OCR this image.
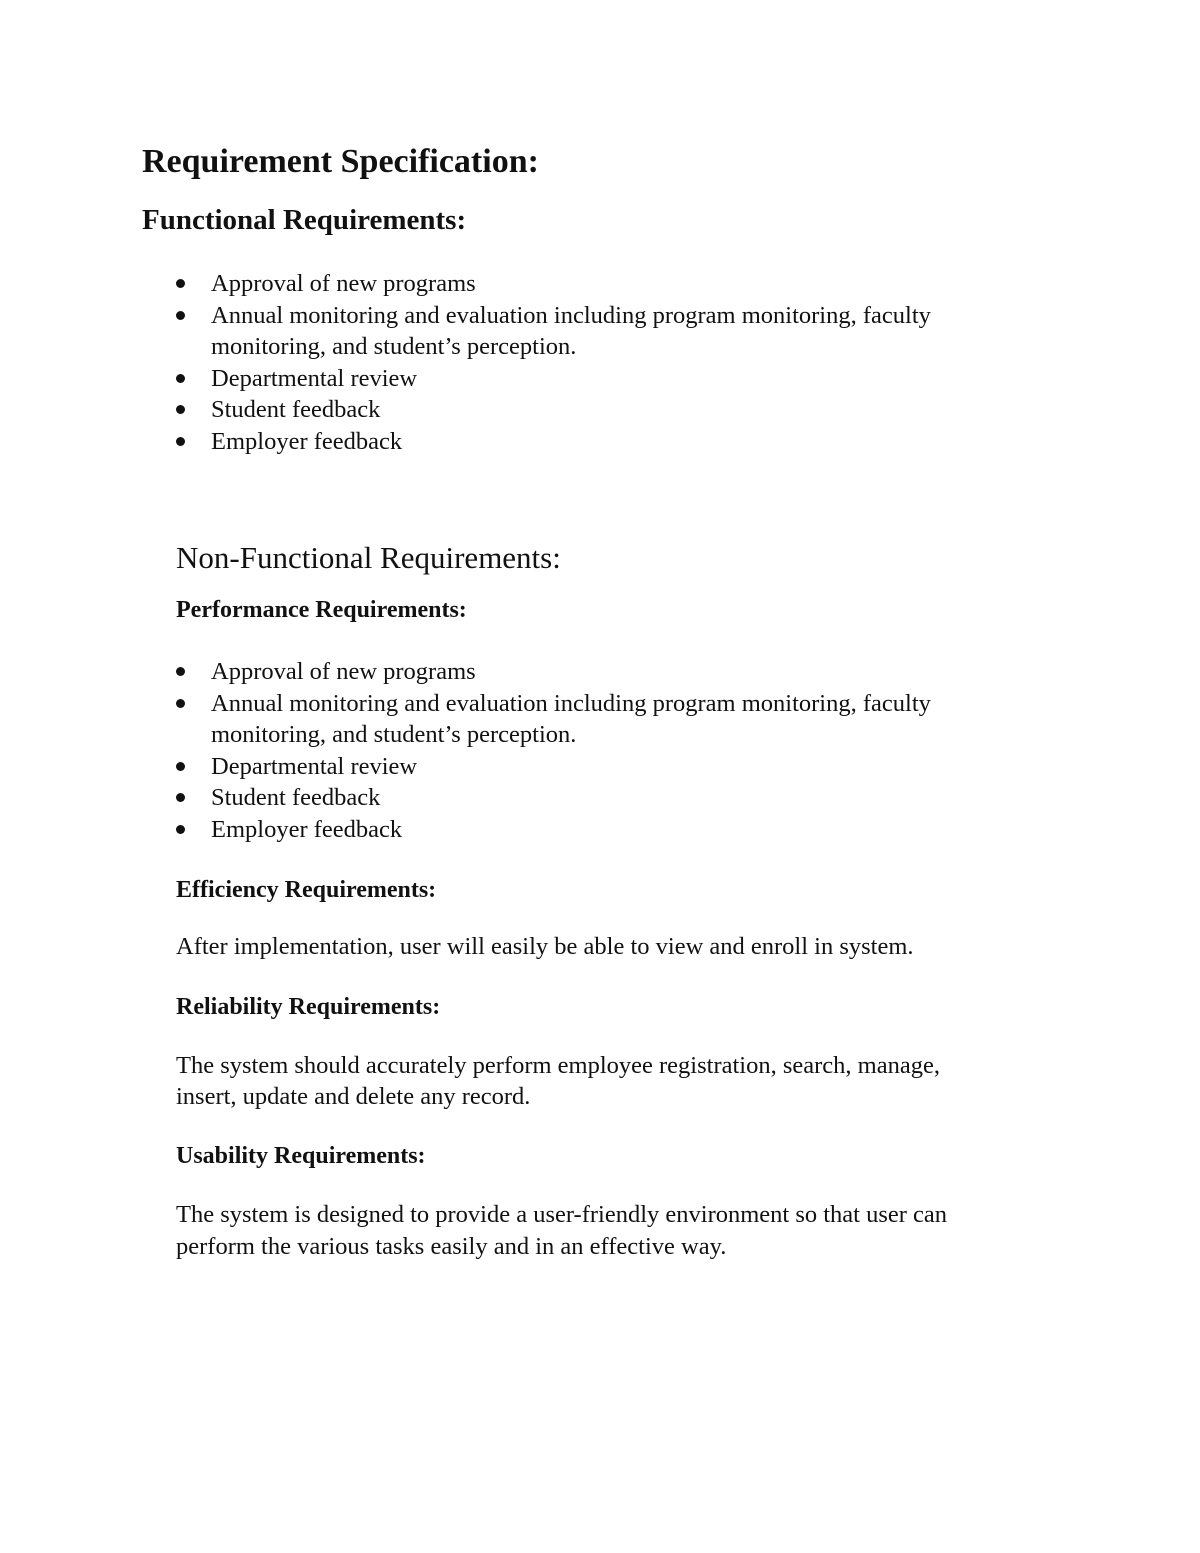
Requirement Specification:
Functional Requirements:
Approval of new programs
Annual monitoring and evaluation including program monitoring, faculty
monitoring, and student’s perception.
Departmental review
Student feedback
Employer feedback
Non-Functional Requirements:
Performance Requirements:
Approval of new programs
Annual monitoring and evaluation including program monitoring, faculty
monitoring, and student’s perception.
Departmental review
Student feedback
Employer feedback
Efficiency Requirements:

After implementation, user will easily be able to view and enroll in system.

Reliability Requirements:

The system should accurately perform employee registration, search, manage,

insert, update and delete any record.

Usability Requirements:

The system is designed to provide a user-friendly environment so that user can

perform the various tasks easily and in an effective way.
